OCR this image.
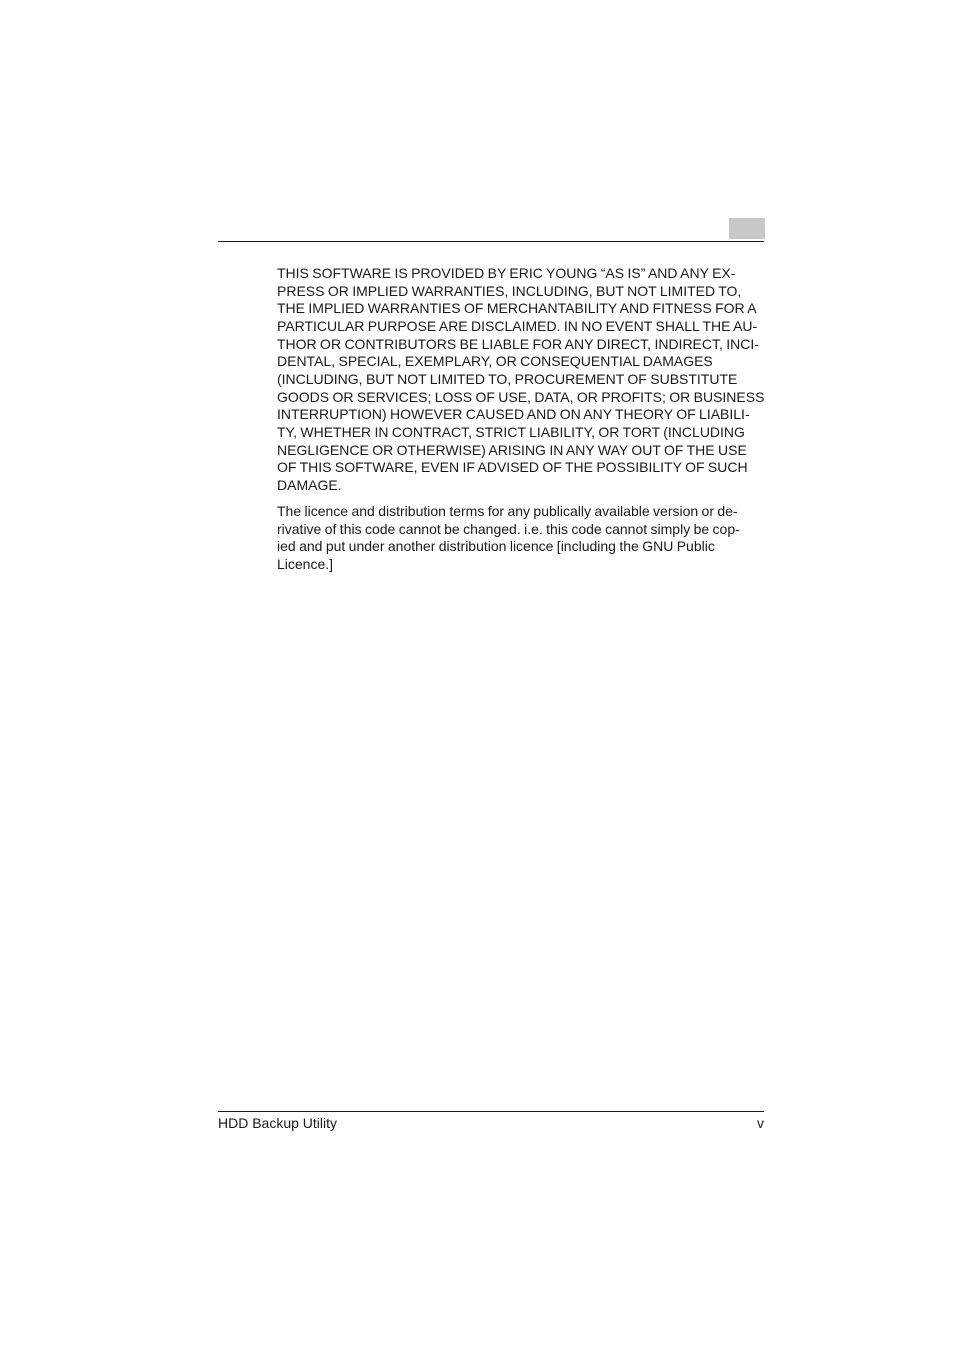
THIS SOFTWARE IS PROVIDED BY ERIC YOUNG “AS IS” AND ANY EX-
PRESS OR IMPLIED WARRANTIES, INCLUDING, BUT NOT LIMITED TO,
THE IMPLIED WARRANTIES OF MERCHANTABILITY AND FITNESS FOR A
PARTICULAR PURPOSE ARE DISCLAIMED. IN NO EVENT SHALL THE AU-
THOR OR CONTRIBUTORS BE LIABLE FOR ANY DIRECT, INDIRECT, INCI-
DENTAL, SPECIAL, EXEMPLARY, OR CONSEQUENTIAL DAMAGES
(INCLUDING, BUT NOT LIMITED TO, PROCUREMENT OF SUBSTITUTE
GOODS OR SERVICES; LOSS OF USE, DATA, OR PROFITS; OR BUSINESS
INTERRUPTION) HOWEVER CAUSED AND ON ANY THEORY OF LIABILI-
TY, WHETHER IN CONTRACT, STRICT LIABILITY, OR TORT (INCLUDING
NEGLIGENCE OR OTHERWISE) ARISING IN ANY WAY OUT OF THE USE
OF THIS SOFTWARE, EVEN IF ADVISED OF THE POSSIBILITY OF SUCH
DAMAGE.

The licence and distribution terms for any publically available version or de-
rivative of this code cannot be changed. i.e. this code cannot simply be cop-
ied and put under another distribution licence [including the GNU Public
Licence.]

HDD Backup Utility	v
